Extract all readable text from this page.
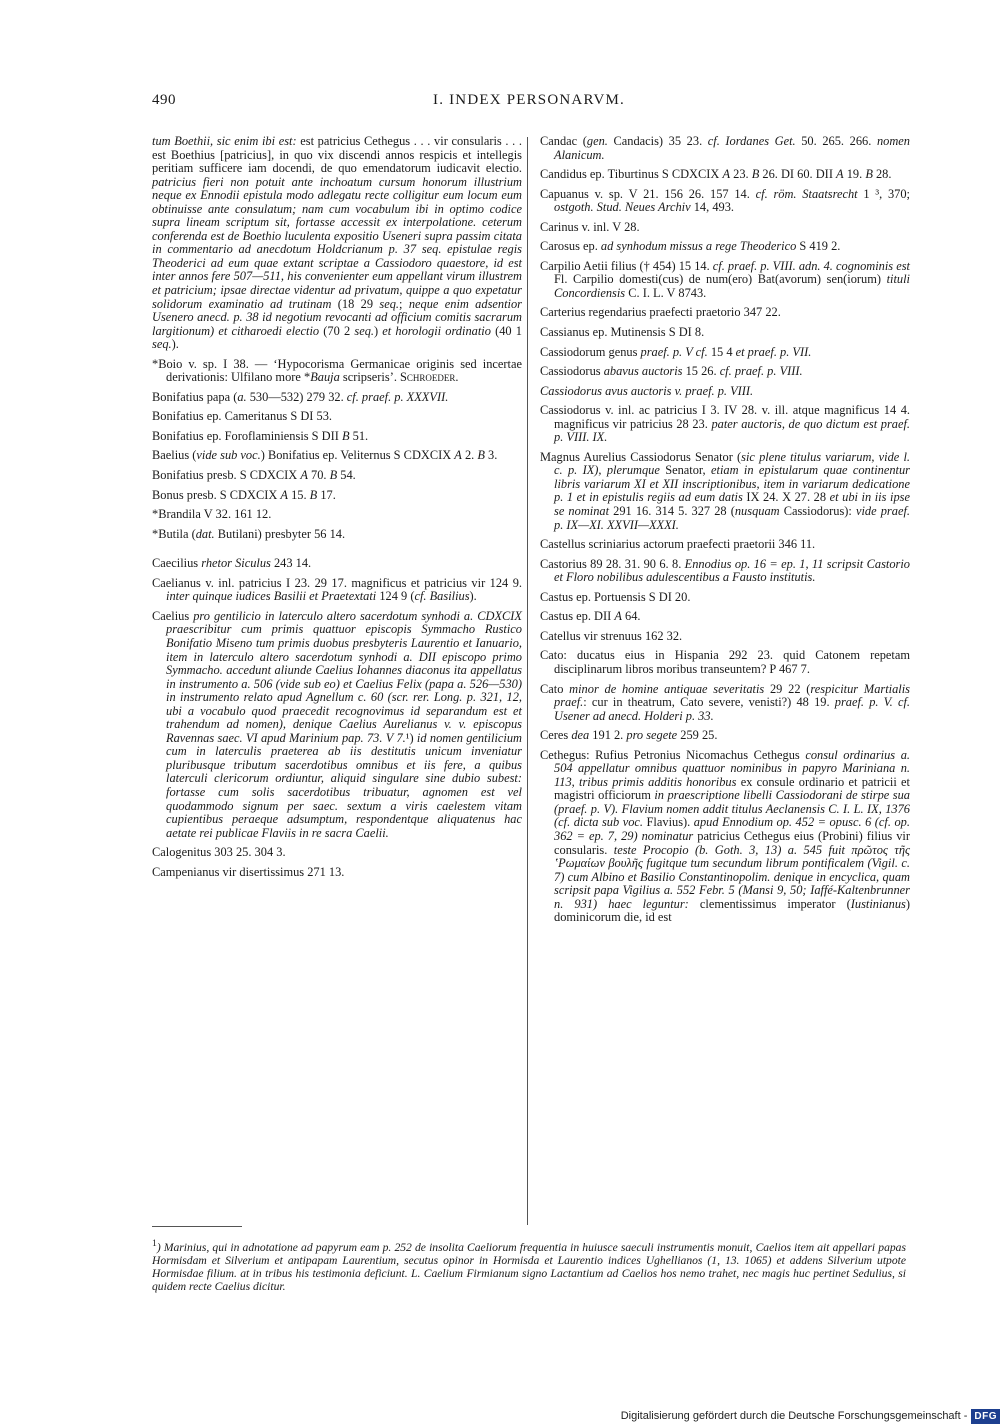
490	I. INDEX PERSONARVM.

tum Boethii, sic enim ibi est: est patricius Cethegus . . . vir consularis . . . est Boethius [patricius], in quo vix discendi annos respicis et intellegis peritiam sufficere iam docendi, de quo emendatorum iudicavit electio. patricius fieri non potuit ante inchoatum cursum honorum illustrium neque ex Ennodii epistula modo adlegatu recte colligitur eum locum eum obtinuisse ante consulatum; nam cum vocabulum ibi in optimo codice supra lineam scriptum sit, fortasse accessit ex interpolatione. ceterum conferenda est de Boethio luculenta expositio Useneri supra passim citata in commentario ad anecdotum Holdcrianum p. 37 seq. epistulae regis Theoderici ad eum quae extant scriptae a Cassiodoro quaestore, id est inter annos fere 507—511, his convenienter eum appellant virum illustrem et patricium; ipsae directae videntur ad privatum, quippe a quo expetatur solidorum examinatio ad trutinam (18 29 seq.; neque enim adsentior Usenero anecd. p. 38 id negotium revocanti ad officium comitis sacrarum largitionum) et citharoedi electio (70 2 seq.) et horologii ordinatio (40 1 seq.).

*Boio v. sp. I 38. — ‘Hypocorisma Germanicae originis sed incertae derivationis: Ulfilano more *Bauja scripseris’. Schroeder.

Bonifatius papa (a. 530—532) 279 32. cf. praef. p. XXXVII.

Bonifatius ep. Cameritanus S DI 53.

Bonifatius ep. Foroflaminiensis S DII B 51.

Baelius (vide sub voc.) Bonifatius ep. Veliternus S CDXCIX A 2. B 3.

Bonifatius presb. S CDXCIX A 70. B 54.

Bonus presb. S CDXCIX A 15. B 17.

*Brandila V 32. 161 12.

*Butila (dat. Butilani) presbyter 56 14.

Caecilius rhetor Siculus 243 14.

Caelianus v. inl. patricius I 23. 29 17. magnificus et patricius vir 124 9. inter quinque iudices Basilii et Praetextati 124 9 (cf. Basilius).

Caelius pro gentilicio in laterculo altero sacerdotum synhodi a. CDXCIX praescribitur cum primis quattuor episcopis Symmacho Rustico Bonifatio Miseno tum primis duobus presbyteris Laurentio et Ianuario, item in laterculo altero sacerdotum synhodi a. DII episcopo primo Symmacho. accedunt aliunde Caelius Iohannes diaconus ita appellatus in instrumento a. 506 (vide sub eo) et Caelius Felix (papa a. 526—530) in instrumento relato apud Agnellum c. 60 (scr. rer. Long. p. 321, 12, ubi a vocabulo quod praecedit recognovimus id separandum est et trahendum ad nomen), denique Caelius Aurelianus v. v. episcopus Ravennas saec. VI apud Marinium pap. 73. V 7.¹) id nomen gentilicium cum in laterculis praeterea ab iis destitutis unicum inveniatur pluribusque tributum sacerdotibus omnibus et iis fere, a quibus laterculi clericorum ordiuntur, aliquid singulare sine dubio subest: fortasse cum solis sacerdotibus tribuatur, agnomen est vel quodammodo signum per saec. sextum a viris caelestem vitam cupientibus peraeque adsumptum, respondentque aliquatenus hac aetate rei publicae Flaviis in re sacra Caelii.

Calogenitus 303 25. 304 3.

Campenianus vir disertissimus 271 13.

Candac (gen. Candacis) 35 23. cf. Iordanes Get. 50. 265. 266. nomen Alanicum.

Candidus ep. Tiburtinus S CDXCIX A 23. B 26. DI 60. DII A 19. B 28.

Capuanus v. sp. V 21. 156 26. 157 14. cf. röm. Staatsrecht 1 ³, 370; ostgoth. Stud. Neues Archiv 14, 493.

Carinus v. inl. V 28.

Carosus ep. ad synhodum missus a rege Theoderico S 419 2.

Carpilio Aetii filius († 454) 15 14. cf. praef. p. VIII. adn. 4. cognominis est Fl. Carpilio domesti(cus) de num(ero) Bat(avorum) sen(iorum) tituli Concordiensis C. I. L. V 8743.

Carterius regendarius praefecti praetorio 347 22.

Cassianus ep. Mutinensis S DI 8.

Cassiodorum genus praef. p. V cf. 15 4 et praef. p. VII.

Cassiodorus abavus auctoris 15 26. cf. praef. p. VIII.

Cassiodorus avus auctoris v. praef. p. VIII.

Cassiodorus v. inl. ac patricius I 3. IV 28. v. ill. atque magnificus 14 4. magnificus vir patricius 28 23. pater auctoris, de quo dictum est praef. p. VIII. IX.

Magnus Aurelius Cassiodorus Senator (sic plene titulus variarum, vide l. c. p. IX), plerumque Senator, etiam in epistularum quae continentur libris variarum XI et XII inscriptionibus, item in variarum dedicatione p. 1 et in epistulis regiis ad eum datis IX 24. X 27. 28 et ubi in iis ipse se nominat 291 16. 314 5. 327 28 (nusquam Cassiodorus): vide praef. p. IX—XI. XXVII—XXXI.

Castellus scriniarius actorum praefecti praetorii 346 11.

Castorius 89 28. 31. 90 6. 8. Ennodius op. 16 = ep. 1, 11 scripsit Castorio et Floro nobilibus adulescentibus a Fausto institutis.

Castus ep. Portuensis S DI 20.

Castus ep. DII A 64.

Catellus vir strenuus 162 32.

Cato: ducatus eius in Hispania 292 23. quid Catonem repetam disciplinarum libros moribus transeuntem? P 467 7.

Cato minor de homine antiquae severitatis 29 22 (respicitur Martialis praef.: cur in theatrum, Cato severe, venisti?) 48 19. praef. p. V. cf. Usener ad anecd. Holderi p. 33.

Ceres dea 191 2. pro segete 259 25.

Cethegus: Rufius Petronius Nicomachus Cethegus consul ordinarius a. 504 appellatur omnibus quattuor nominibus in papyro Mariniana n. 113, tribus primis additis honoribus ex consule ordinario et patricii et magistri officiorum in praescriptione libelli Cassiodorani de stirpe sua (praef. p. V). Flavium nomen addit titulus Aeclanensis C. I. L. IX, 1376 (cf. dicta sub voc. Flavius). apud Ennodium op. 452 = opusc. 6 (cf. op. 362 = ep. 7, 29) nominatur patricius Cethegus eius (Probini) filius vir consularis. teste Procopio (b. Goth. 3, 13) a. 545 fuit πρῶτος τῆς ʽΡωμαίων βουλῆς fugitque tum secundum librum pontificalem (Vigil. c. 7) cum Albino et Basilio Constantinopolim. denique in encyclica, quam scripsit papa Vigilius a. 552 Febr. 5 (Mansi 9, 50; Iaffé-Kaltenbrunner n. 931) haec leguntur: clementissimus imperator (Iustinianus) dominicorum die, id est

$^1$) Marinius, qui in adnotatione ad papyrum eam p. 252 de insolita Caeliorum frequentia in huiusce saeculi instrumentis monuit, Caelios item ait appellari papas Hormisdam et Silverium et antipapam Laurentium, secutus opinor in Hormisda et Laurentio indices Ughellianos (1, 13. 1065) et addens Silverium utpote Hormisdae filium. at in tribus his testimonia deficiunt. L. Caelium Firmianum signo Lactantium ad Caelios hos nemo trahet, nec magis huc pertinet Sedulius, si quidem recte Caelius dicitur.
Digitalisierung gefördert durch die Deutsche Forschungsgemeinschaft - DFG
